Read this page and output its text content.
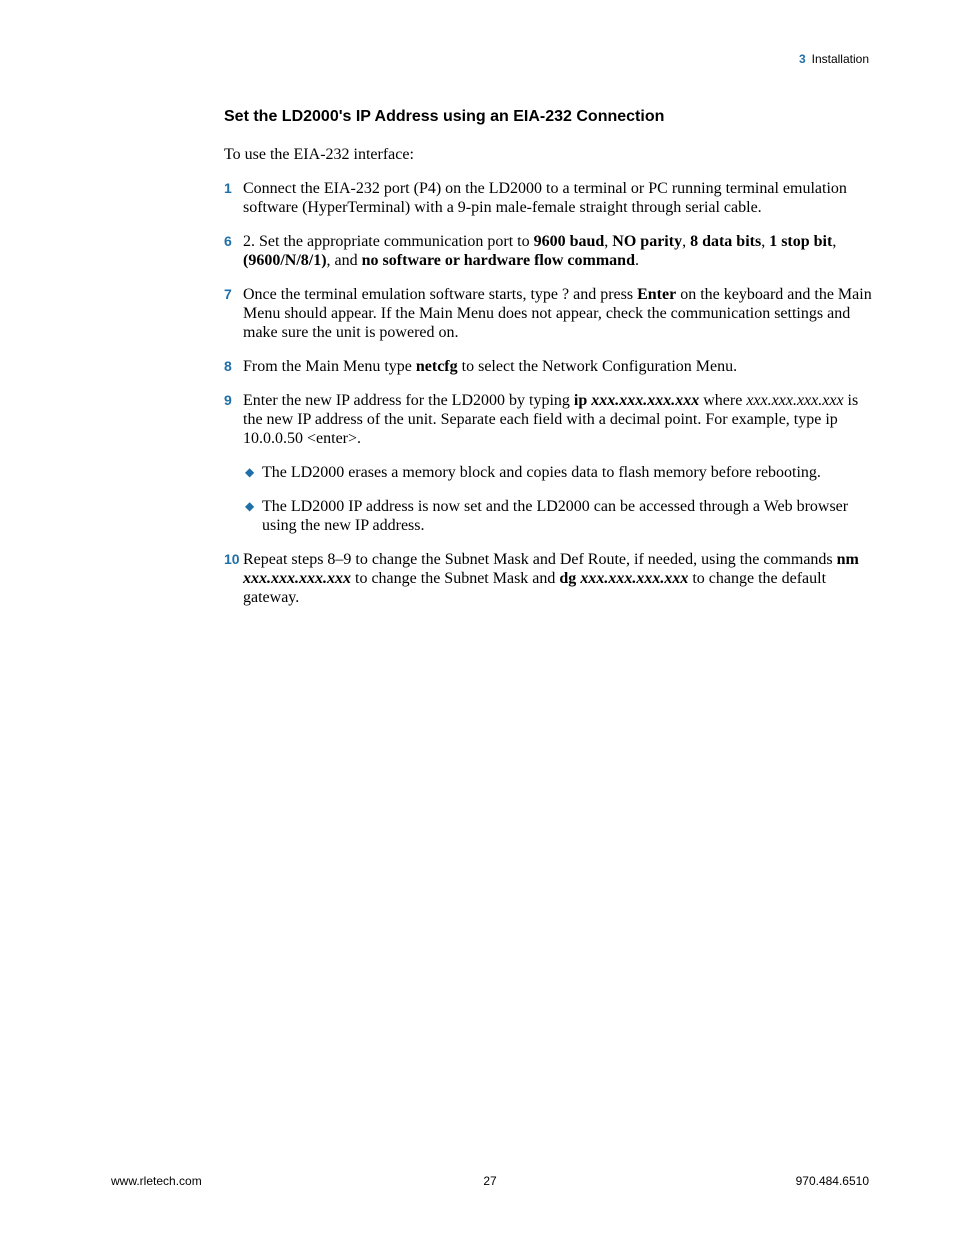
3 Installation
Set the LD2000's IP Address using an EIA-232 Connection

To use the EIA-232 interface:

1 Connect the EIA-232 port (P4) on the LD2000 to a terminal or PC running terminal emulation software (HyperTerminal) with a 9-pin male-female straight through serial cable.
6 2. Set the appropriate communication port to 9600 baud, NO parity, 8 data bits, 1 stop bit, (9600/N/8/1), and no software or hardware flow command.
7 Once the terminal emulation software starts, type ? and press Enter on the keyboard and the Main Menu should appear. If the Main Menu does not appear, check the communication settings and make sure the unit is powered on.
8 From the Main Menu type netcfg to select the Network Configuration Menu.
9 Enter the new IP address for the LD2000 by typing ip xxx.xxx.xxx.xxx where xxx.xxx.xxx.xxx is the new IP address of the unit. Separate each field with a decimal point. For example, type ip 10.0.0.50 <enter>.
◆ The LD2000 erases a memory block and copies data to flash memory before rebooting.
◆ The LD2000 IP address is now set and the LD2000 can be accessed through a Web browser using the new IP address.
10 Repeat steps 8–9 to change the Subnet Mask and Def Route, if needed, using the commands nm xxx.xxx.xxx.xxx to change the Subnet Mask and dg xxx.xxx.xxx.xxx to change the default gateway.
www.rletech.com	27	970.484.6510
